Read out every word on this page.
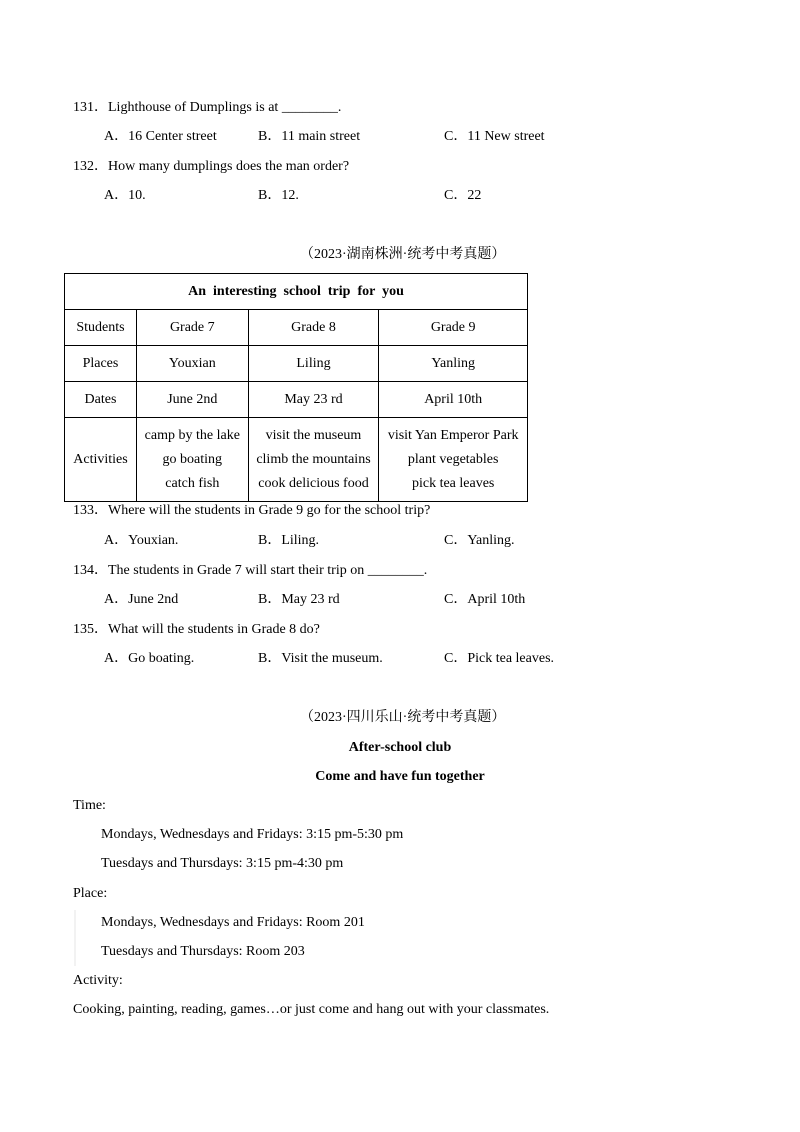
131．Lighthouse of Dumplings is at ________.
A．16 Center street	B．11 main street	C．11 New street
132．How many dumplings does the man order?
A．10.	B．12.	C．22
（2023·湖南株洲·统考中考真题）
An  interesting  school  trip  for  you			
Students	Grade 7	Grade 8	Grade 9
Places	Youxian	Liling	Yanling
Dates	June 2nd	May 23 rd	April 10th
Activities	camp by the lake
go boating
catch fish	visit the museum
climb the mountains
cook delicious food	visit Yan Emperor Park
plant vegetables
pick tea leaves
133．Where will the students in Grade 9 go for the school trip?
A．Youxian.	B．Liling.	C．Yanling.
134．The students in Grade 7 will start their trip on ________.
A．June 2nd	B．May 23 rd	C．April 10th
135．What will the students in Grade 8 do?
A．Go boating.	B．Visit the museum.	C．Pick tea leaves.
（2023·四川乐山·统考中考真题）
After-school club
Come and have fun together
Time:
Mondays, Wednesdays and Fridays: 3:15 pm-5:30 pm
Tuesdays and Thursdays: 3:15 pm-4:30 pm
Place:
Mondays, Wednesdays and Fridays: Room 201
Tuesdays and Thursdays: Room 203
Activity:
Cooking, painting, reading, games…or just come and hang out with your classmates.
